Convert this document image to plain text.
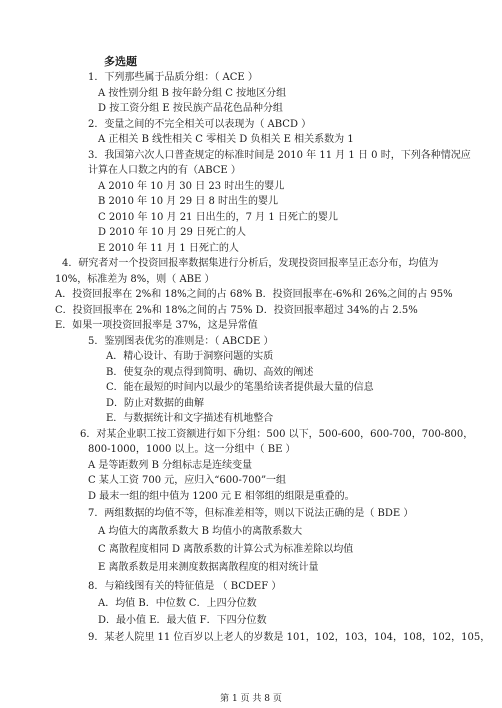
多选题
1．下列那些属于品质分组：（ ACE ）
A 按性别分组 B 按年龄分组 C 按地区分组
D 按工资分组 E 按民族产品花色品种分组
2．变量之间的不完全相关可以表现为（ ABCD ）
A 正相关 B 线性相关 C 零相关 D 负相关 E 相关系数为 1
3．我国第六次人口普查规定的标准时间是 2010 年 11 月 1 日 0 时，下列各种情况应
计算在人口数之内的有（ABCE ）
A 2010 年 10 月 30 日 23 时出生的婴儿
B 2010 年 10 月 29 日 8 时出生的婴儿
C 2010 年 10 月 21 日出生的，7 月 1 日死亡的婴儿
D 2010 年 10 月 29 日死亡的人
E 2010 年 11 月 1 日死亡的人
4．研究者对一个投资回报率数据集进行分析后，发现投资回报率呈正态分布，均值为
10%，标准差为 8%，则（ ABE ）
A．投资回报率在 2%和 18%之间的占 68% B．投资回报率在-6%和 26%之间的占 95%
C．投资回报率在 2%和 18%之间的占 75% D．投资回报率超过 34%的占 2.5%
E．如果一项投资回报率是 37%，这是异常值
5．鉴别图表优劣的准则是：（ ABCDE ）
A．精心设计、有助于洞察问题的实质
B．使复杂的观点得到简明、确切、高效的阐述
C．能在最短的时间内以最少的笔墨给读者提供最大量的信息
D．防止对数据的曲解
E．与数据统计和文字描述有机地整合
6．对某企业职工按工资额进行如下分组：500 以下，500-600，600-700，700-800，
800-1000，1000 以上。这一分组中（ BE ）
A 是等距数列 B 分组标志是连续变量
C 某人工资 700 元，应归入“600-700”一组
D 最末一组的组中值为 1200 元 E 相邻组的组限是重叠的。
7．两组数据的均值不等，但标准差相等，则以下说法正确的是（ BDE ）
A 均值大的离散系数大 B 均值小的离散系数大
C 离散程度相同 D 离散系数的计算公式为标准差除以均值
E 离散系数是用来测度数据离散程度的相对统计量
8．与箱线图有关的特征值是 （ BCDEF ）
A．均值 B．中位数 C．上四分位数
D．最小值 E．最大值 F．下四分位数
9．某老人院里 11 位百岁以上老人的岁数是 101，102，103，104，108，102，105，
第 1 页 共 8 页
